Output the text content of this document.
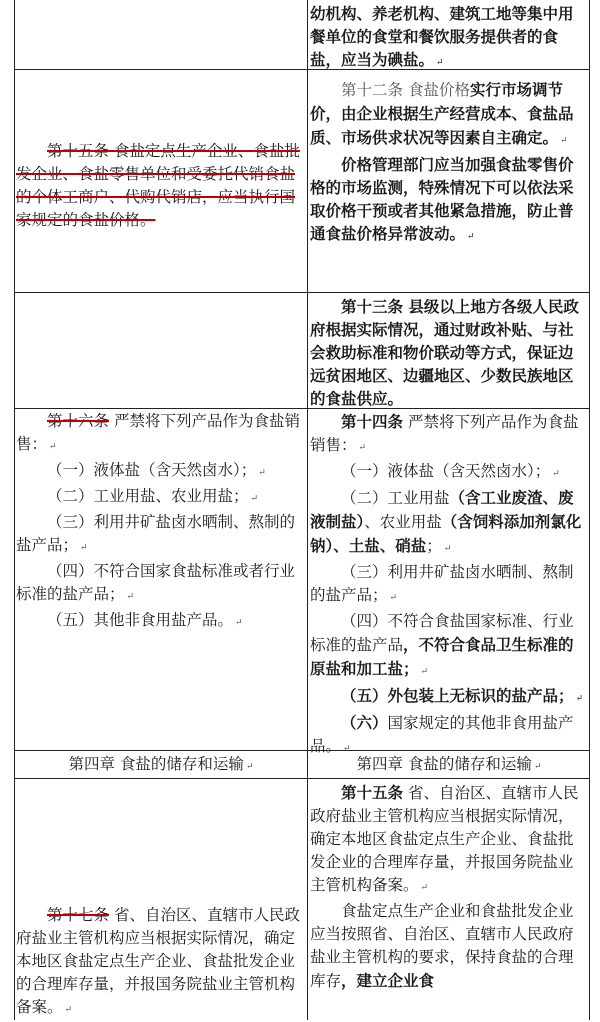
幼机构、养老机构、建筑工地等集中用餐单位的食堂和餐饮服务提供者的食盐，应当为碘盐。 ↵

第十五条 食盐定点生产企业、食盐批发企业、食盐零售单位和受委托代销食盐的个体工商户、代购代销店，应当执行国家规定的食盐价格。

第十二条 食盐价格实行市场调节价，由企业根据生产经营成本、食盐品质、市场供求状况等因素自主确定。 ↵

价格管理部门应当加强食盐零售价格的市场监测，特殊情况下可以依法采取价格干预或者其他紧急措施，防止普通食盐价格异常波动。 ↵

第十三条 县级以上地方各级人民政府根据实际情况，通过财政补贴、与社会救助标准和物价联动等方式，保证边远贫困地区、边疆地区、少数民族地区的食盐供应。

第十六条 严禁将下列产品作为食盐销售： ↵

（一）液体盐（含天然卤水）； ↵

（二）工业用盐、农业用盐； ↵

（三）利用井矿盐卤水晒制、熬制的盐产品； ↵

（四）不符合国家食盐标准或者行业标准的盐产品； ↵

（五）其他非食用盐产品。 ↵

第十四条 严禁将下列产品作为食盐销售： ↵

（一）液体盐（含天然卤水）； ↵

（二）工业用盐（含工业废渣、废液制盐）、农业用盐（含饲料添加剂氯化钠）、土盐、硝盐； ↵

（三）利用井矿盐卤水晒制、熬制的盐产品； ↵

（四）不符合食盐国家标准、行业标准的盐产品，不符合食品卫生标准的原盐和加工盐； ↵

（五）外包装上无标识的盐产品； ↵

（六）国家规定的其他非食用盐产品。 ↵

第四章 食盐的储存和运输 ↵	第四章 食盐的储存和运输 ↵

第十七条 省、自治区、直辖市人民政府盐业主管机构应当根据实际情况，确定本地区食盐定点生产企业、食盐批发企业的合理库存量，并报国务院盐业主管机构备案。 ↵

第十五条 省、自治区、直辖市人民政府盐业主管机构应当根据实际情况，确定本地区食盐定点生产企业、食盐批发企业的合理库存量，并报国务院盐业主管机构备案。 ↵

食盐定点生产企业和食盐批发企业应当按照省、自治区、直辖市人民政府盐业主管机构的要求，保持食盐的合理库存，建立企业食
